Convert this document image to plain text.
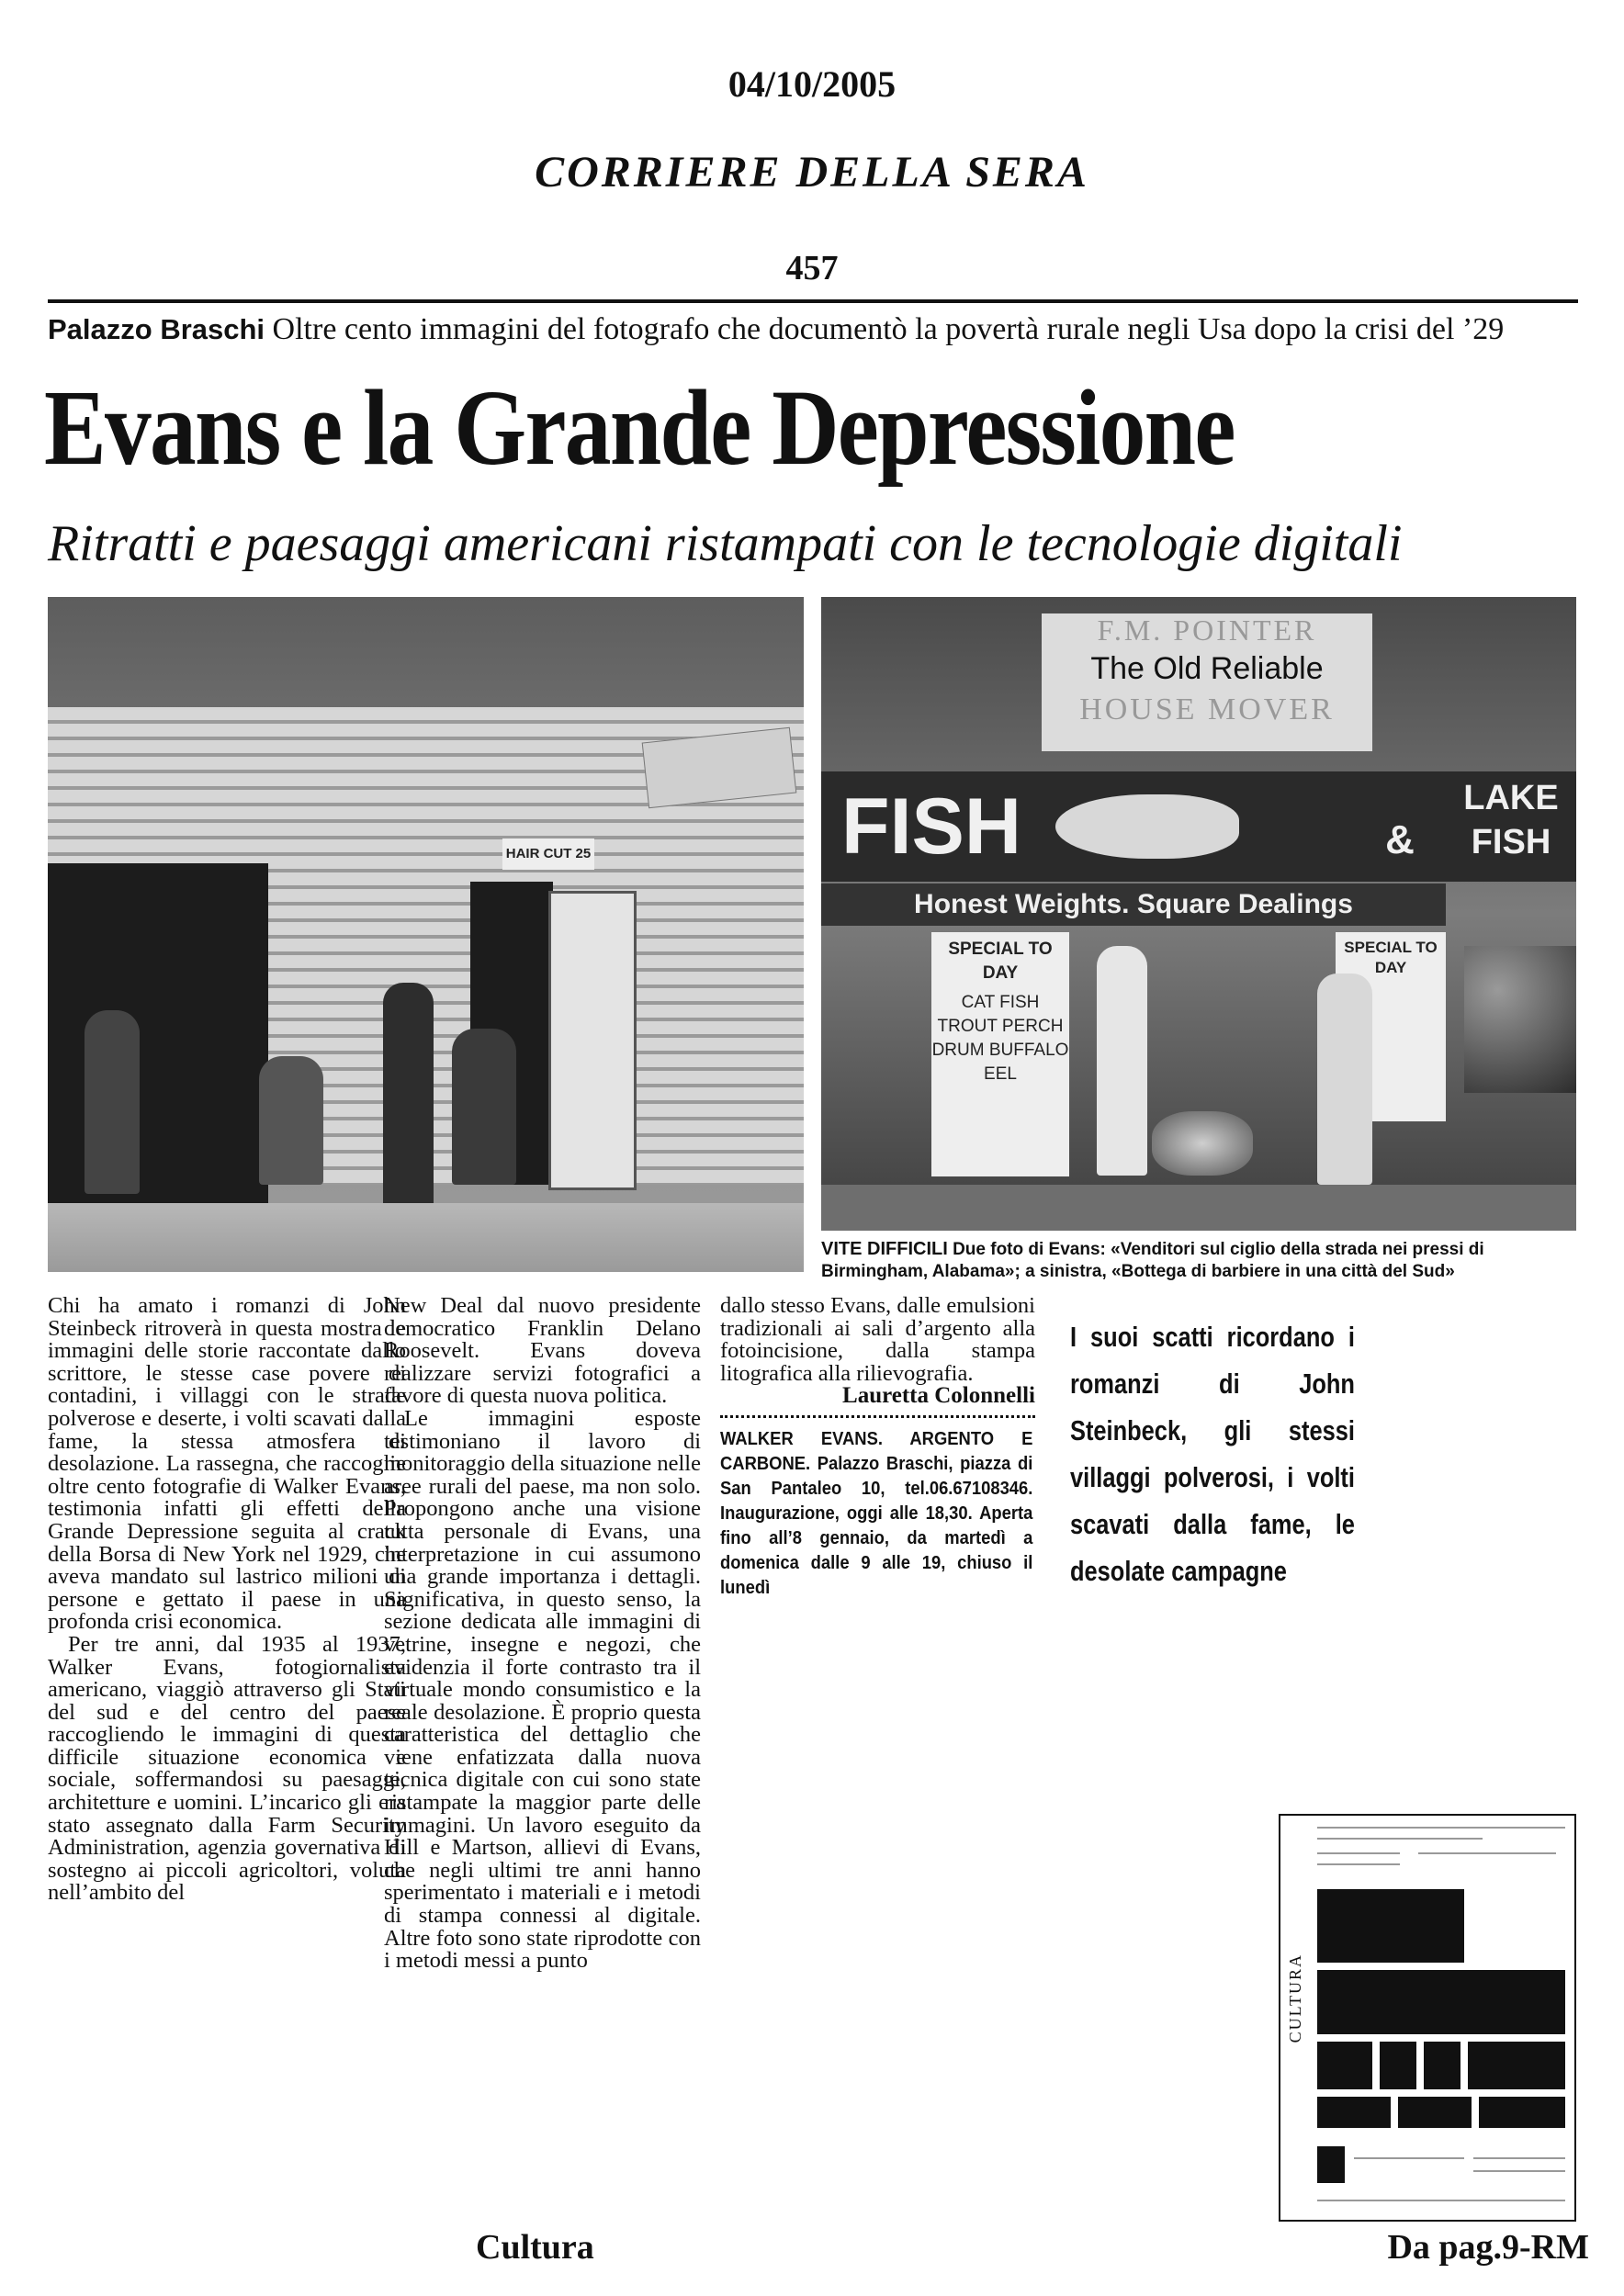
04/10/2005
CORRIERE DELLA SERA
457
Palazzo Braschi Oltre cento immagini del fotografo che documentò la povertà rurale negli Usa dopo la crisi del ’29
Evans e la Grande Depressione
Ritratti e paesaggi americani ristampati con le tecnologie digitali
HAIR CUT 25
F.M. POINTER
The Old Reliable
HOUSE MOVER
FISH	&
LAKE FISH
Honest Weights. Square Dealings
SPECIAL TO DAY
CAT FISH TROUT PERCH DRUM BUFFALO EEL
SPECIAL TO DAY
VITE DIFFICILI Due foto di Evans: «Venditori sul ciglio della strada nei pressi di Birmingham, Alabama»; a sinistra, «Bottega di barbiere in una città del Sud»

Chi ha amato i romanzi di John Steinbeck ritroverà in questa mostra le immagini delle storie raccontate dallo scrittore, le stesse case povere di contadini, i villaggi con le strade polverose e deserte, i volti scavati dalla fame, la stessa atmosfera di desolazione. La rassegna, che raccoglie oltre cento fotografie di Walker Evans, testimonia infatti gli effetti della Grande Depressione seguita al crack della Borsa di New York nel 1929, che aveva mandato sul lastrico milioni di persone e gettato il paese in una profonda crisi economica.

Per tre anni, dal 1935 al 1937, Walker Evans, fotogiornalista americano, viaggiò attraverso gli Stati del sud e del centro del paese raccogliendo le immagini di questa difficile situazione economica e sociale, soffermandosi su paesaggi, architetture e uomini. L’incarico gli era stato assegnato dalla Farm Security Administration, agenzia governativa di sostegno ai piccoli agricoltori, voluta nell’ambito del

New Deal dal nuovo presidente democratico Franklin Delano Roosevelt. Evans doveva realizzare servizi fotografici a favore di questa nuova politica.

Le immagini esposte testimoniano il lavoro di monitoraggio della situazione nelle aree rurali del paese, ma non solo. Propongono anche una visione tutta personale di Evans, una interpretazione in cui assumono una grande importanza i dettagli. Significativa, in questo senso, la sezione dedicata alle immagini di vetrine, insegne e negozi, che evidenzia il forte contrasto tra il virtuale mondo consumistico e la reale desolazione. È proprio questa caratteristica del dettaglio che viene enfatizzata dalla nuova tecnica digitale con cui sono state ristampate la maggior parte delle immagini. Un lavoro eseguito da Hill e Martson, allievi di Evans, che negli ultimi tre anni hanno sperimentato i materiali e i metodi di stampa connessi al digitale. Altre foto sono state riprodotte con i metodi messi a punto

dallo stesso Evans, dalle emulsioni tradizionali ai sali d’argento alla fotoincisione, dalla stampa litografica alla rilievografia.

Lauretta Colonnelli
WALKER EVANS. ARGENTO E CARBONE. Palazzo Braschi, piazza di San Pantaleo 10, tel.06.67108346. Inaugurazione, oggi alle 18,30. Aperta fino all’8 gennaio, da martedì a domenica dalle 9 alle 19, chiuso il lunedì
I suoi scatti ricordano i romanzi di John Steinbeck, gli stessi villaggi polverosi, i volti scavati dalla fame, le desolate campagne
CULTURA
Cultura	Da pag.9-RM
